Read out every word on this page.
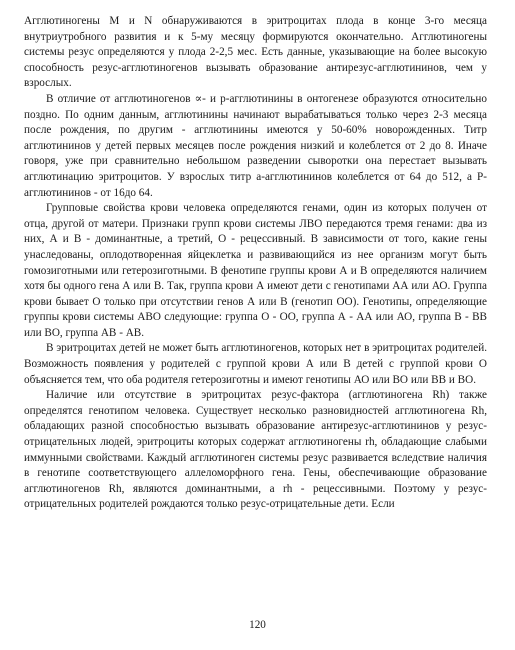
Агглютиногены M и N обнаруживаются в эритроцитах плода в конце 3-го месяца внутриутробного развития и к 5-му месяцу формируются окончательно. Агглютиногены системы резус определяются у плода 2-2,5 мес. Есть данные, указывающие на более высокую способность резус-агглютиногенов вызывать образование антирезус-агглютининов, чем у взрослых.

В отличие от агглютиногенов ∝- и р-агглютинины в онтогенезе образуются относительно поздно. По одним данным, агглютинины начинают вырабатываться только через 2-3 месяца после рождения, по другим - агглютинины имеются у 50-60% новорожденных. Титр агглютининов у детей первых месяцев после рождения низкий и колеблется от 2 до 8. Иначе говоря, уже при сравнительно небольшом разведении сыворотки она перестает вызывать агглютинацию эритроцитов. У взрослых титр а-агглютининов колеблется от 64 до 512, а Р-агглютининов - от 16до 64.

Групповые свойства крови человека определяются генами, один из которых получен от отца, другой от матери. Признаки групп крови системы ЛВО передаются тремя генами: два из них, А и В - доминантные, а третий, О - рецессивный. В зависимости от того, какие гены унаследованы, оплодотворенная яйцеклетка и развивающийся из нее организм могут быть гомозиготными или гетерозиготными. В фенотипе группы крови А и В определяются наличием хотя бы одного гена А или В. Так, группа крови А имеют дети с генотипами АА или АО. Группа крови бывает О только при отсутствии генов А или В (генотип ОО). Генотипы, определяющие группы крови системы АВО следующие: группа О - ОО, группа А - АА или АО, группа В - ВВ или ВО, группа АВ - АВ.

В эритроцитах детей не может быть агглютиногенов, которых нет в эритроцитах родителей. Возможность появления у родителей с группой крови А или В детей с группой крови О объясняется тем, что оба родителя гетерозиготны и имеют генотипы АО или ВО или ВВ и ВО.

Наличие или отсутствие в эритроцитах резус-фактора (агглютиногена Rh) также определятся генотипом человека. Существует несколько разновидностей агглютиногена Rh, обладающих разной способностью вызывать образование антирезус-агглютининов у резус-отрицательных людей, эритроциты которых содержат агглютиногены rh, обладающие слабыми иммунными свойствами. Каждый агглютиноген системы резус развивается вследствие наличия в генотипе соответствующего аллеломорфного гена. Гены, обеспечивающие образование агглютиногенов Rh, являются доминантными, а rh - рецессивными. Поэтому у резус-отрицательных родителей рождаются только резус-отрицательные дети. Если

120
